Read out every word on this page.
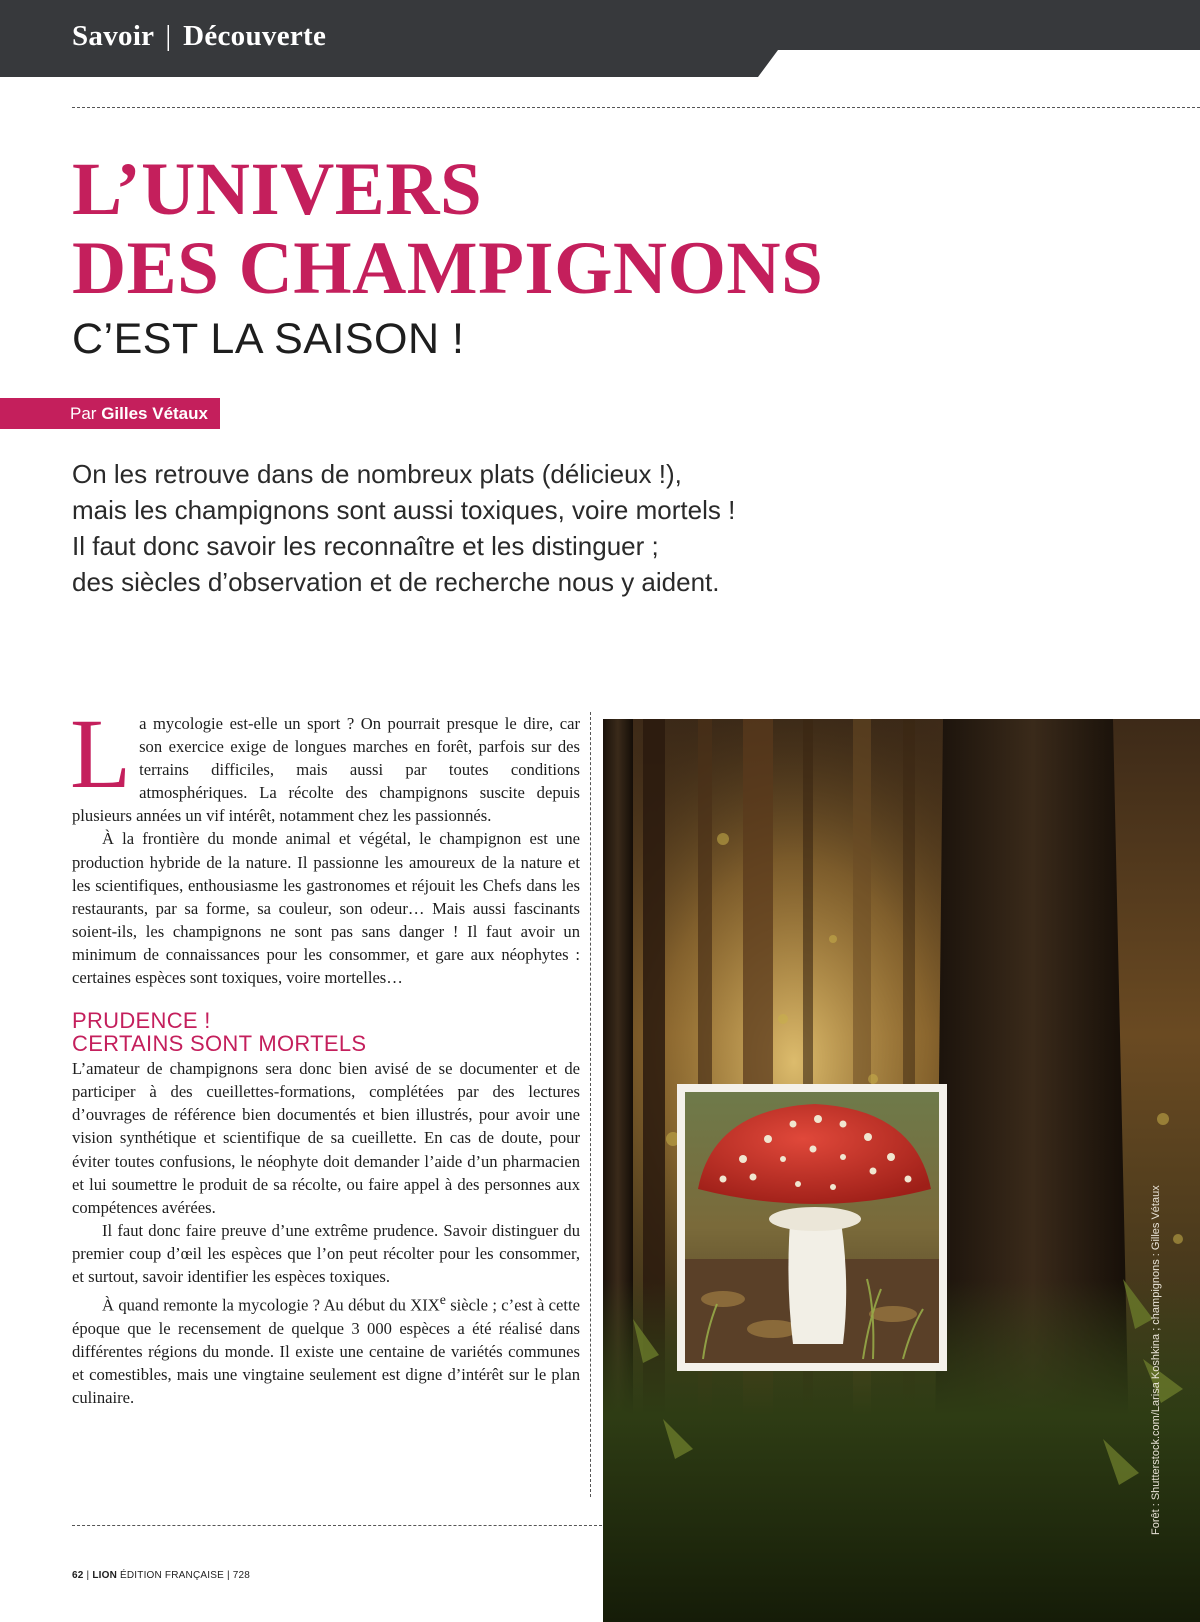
Savoir | Découverte
L’UNIVERS
DES CHAMPIGNONS
C’EST LA SAISON !
Par Gilles Vétaux
On les retrouve dans de nombreux plats (délicieux !),
mais les champignons sont aussi toxiques, voire mortels !
Il faut donc savoir les reconnaître et les distinguer ;
des siècles d’observation et de recherche nous y aident.
L a mycologie est-elle un sport ? On pourrait presque le dire, car son exercice exige de longues marches en forêt, parfois sur des terrains difficiles, mais aussi par toutes conditions atmosphériques. La récolte des champignons suscite depuis plusieurs années un vif intérêt, notamment chez les passionnés.

À la frontière du monde animal et végétal, le champignon est une production hybride de la nature. Il passionne les amoureux de la nature et les scientifiques, enthousiasme les gastronomes et réjouit les Chefs dans les restaurants, par sa forme, sa couleur, son odeur… Mais aussi fascinants soient-ils, les champignons ne sont pas sans danger ! Il faut avoir un minimum de connaissances pour les consommer, et gare aux néophytes : certaines espèces sont toxiques, voire mortelles…

PRUDENCE !
CERTAINS SONT MORTELS

L’amateur de champignons sera donc bien avisé de se documenter et de participer à des cueillettes-formations, complétées par des lectures d’ouvrages de référence bien documentés et bien illustrés, pour avoir une vision synthétique et scientifique de sa cueillette. En cas de doute, pour éviter toutes confusions, le néophyte doit demander l’aide d’un pharmacien et lui soumettre le produit de sa récolte, ou faire appel à des personnes aux compétences avérées.

Il faut donc faire preuve d’une extrême prudence. Savoir distinguer du premier coup d’œil les espèces que l’on peut récolter pour les consommer, et surtout, savoir identifier les espèces toxiques.

À quand remonte la mycologie ? Au début du XIXe siècle ; c’est à cette époque que le recensement de quelque 3 000 espèces a été réalisé dans différentes régions du monde. Il existe une centaine de variétés communes et comestibles, mais une vingtaine seulement est digne d’intérêt sur le plan culinaire.	Forêt : Shutterstock.com/Larisa Koshkina ; champignons : Gilles Vétaux
62 | LION ÉDITION FRANÇAISE | 728
